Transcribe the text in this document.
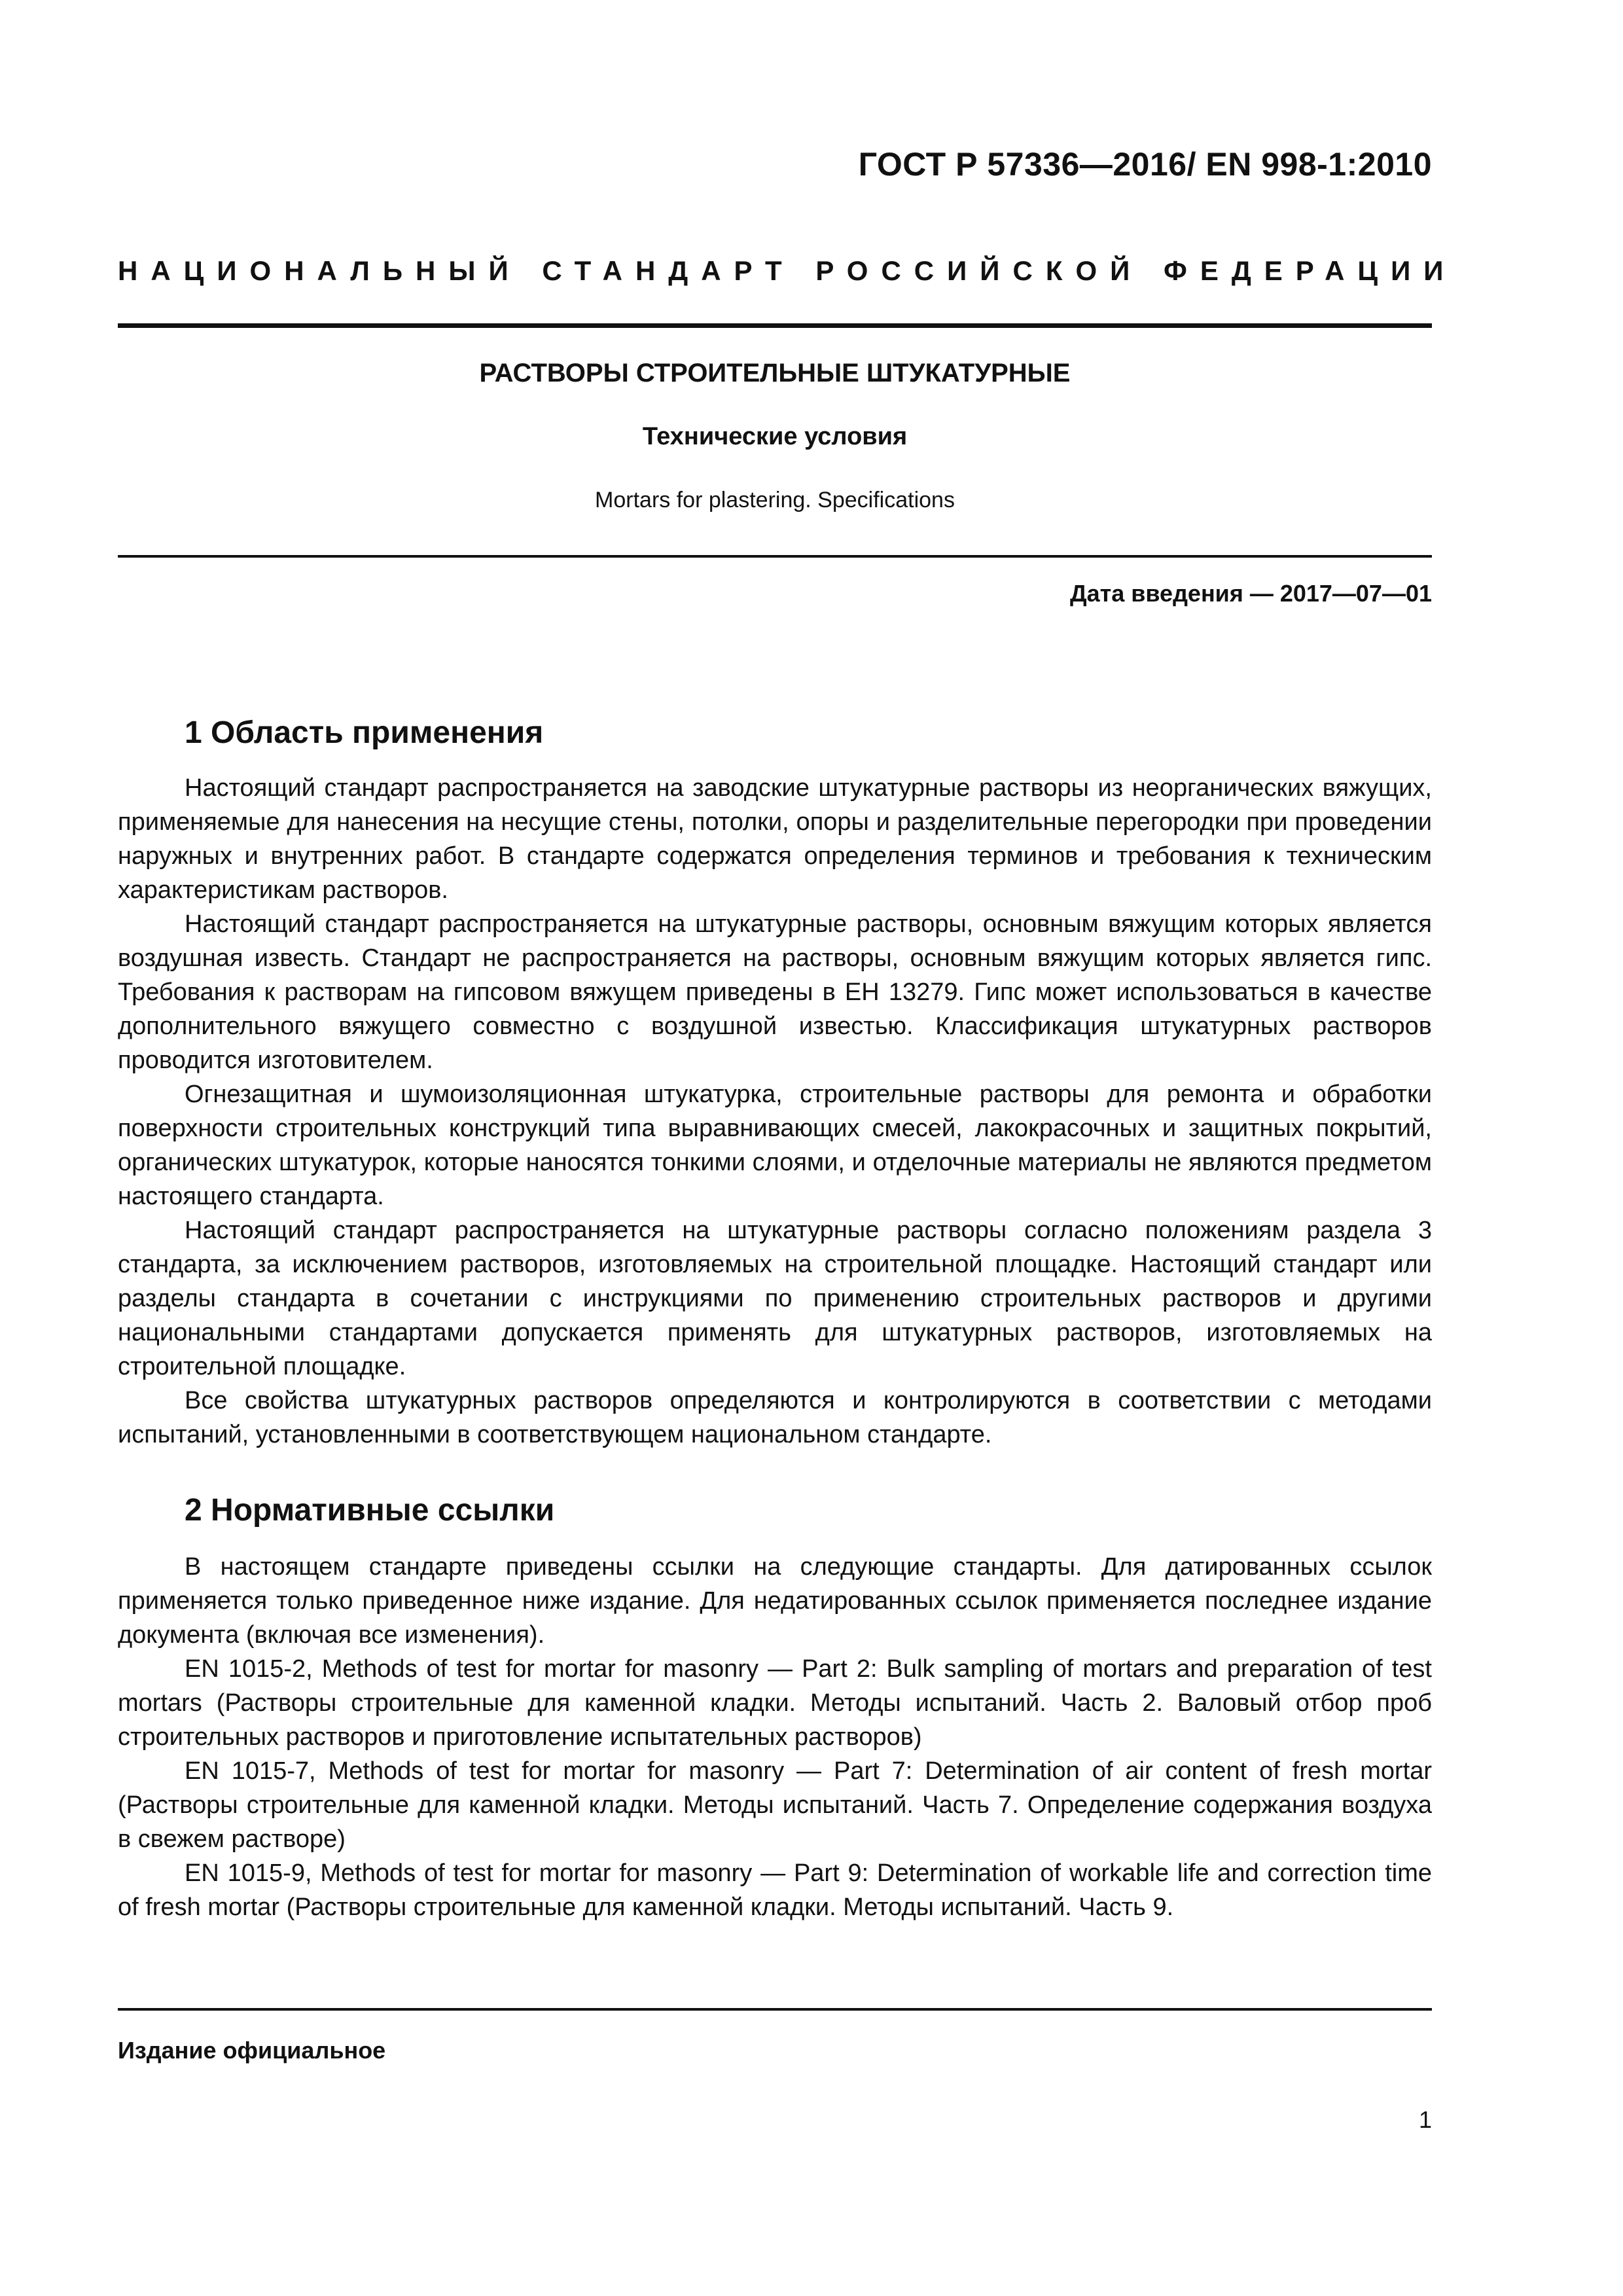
ГОСТ Р 57336—2016/ EN 998-1:2010
НАЦИОНАЛЬНЫЙ СТАНДАРТ РОССИЙСКОЙ ФЕДЕРАЦИИ
РАСТВОРЫ СТРОИТЕЛЬНЫЕ ШТУКАТУРНЫЕ
Технические условия
Mortars for plastering. Specifications
Дата введения — 2017—07—01
1 Область применения

Настоящий стандарт распространяется на заводские штукатурные растворы из неорганических вяжущих, применяемые для нанесения на несущие стены, потолки, опоры и разделительные перегородки при проведении наружных и внутренних работ. В стандарте содержатся определения терминов и требования к техническим характеристикам растворов.

Настоящий стандарт распространяется на штукатурные растворы, основным вяжущим которых является воздушная известь. Стандарт не распространяется на растворы, основным вяжущим которых является гипс. Требования к растворам на гипсовом вяжущем приведены в ЕН 13279. Гипс может использоваться в качестве дополнительного вяжущего совместно с воздушной известью. Классификация штукатурных растворов проводится изготовителем.

Огнезащитная и шумоизоляционная штукатурка, строительные растворы для ремонта и обработки поверхности строительных конструкций типа выравнивающих смесей, лакокрасочных и защитных покрытий, органических штукатурок, которые наносятся тонкими слоями, и отделочные материалы не являются предметом настоящего стандарта.

Настоящий стандарт распространяется на штукатурные растворы согласно положениям раздела 3 стандарта, за исключением растворов, изготовляемых на строительной площадке. Настоящий стандарт или разделы стандарта в сочетании с инструкциями по применению строительных растворов и другими национальными стандартами допускается применять для штукатурных растворов, изготовляемых на строительной площадке.

Все свойства штукатурных растворов определяются и контролируются в соответствии с методами испытаний, установленными в соответствующем национальном стандарте.

2 Нормативные ссылки

В настоящем стандарте приведены ссылки на следующие стандарты. Для датированных ссылок применяется только приведенное ниже издание. Для недатированных ссылок применяется последнее издание документа (включая все изменения).

EN 1015-2, Methods of test for mortar for masonry — Part 2: Bulk sampling of mortars and preparation of test mortars (Растворы строительные для каменной кладки. Методы испытаний. Часть 2. Валовый отбор проб строительных растворов и приготовление испытательных растворов)

EN 1015-7, Methods of test for mortar for masonry — Part 7: Determination of air content of fresh mortar (Растворы строительные для каменной кладки. Методы испытаний. Часть 7. Определение содержания воздуха в свежем растворе)

EN 1015-9, Methods of test for mortar for masonry — Part 9: Determination of workable life and correction time of fresh mortar (Растворы строительные для каменной кладки. Методы испытаний. Часть 9.

Издание официальное
1
